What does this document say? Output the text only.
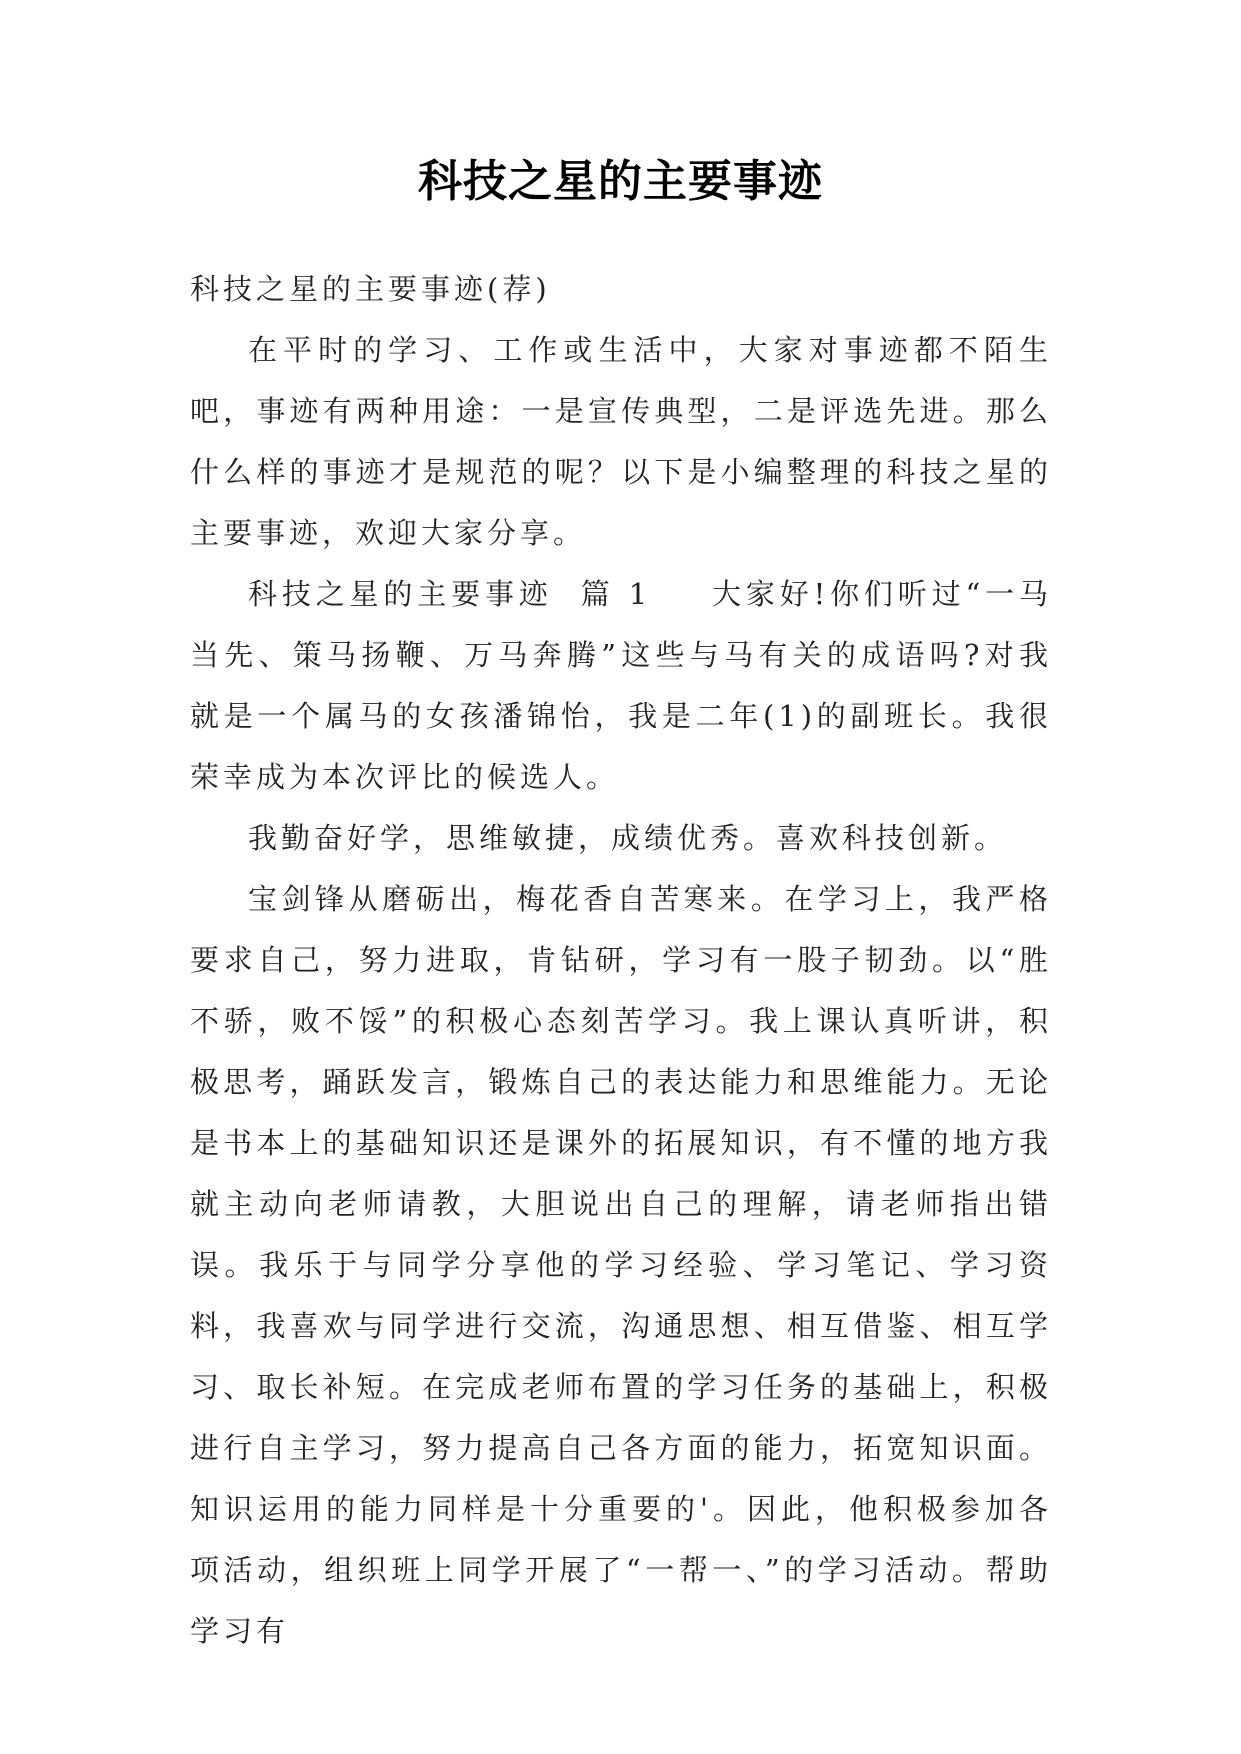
科技之星的主要事迹

科技之星的主要事迹(荐)

在平时的学习、工作或生活中，大家对事迹都不陌生吧，事迹有两种用途：一是宣传典型，二是评选先进。那么什么样的事迹才是规范的呢？以下是小编整理的科技之星的主要事迹，欢迎大家分享。

科技之星的主要事迹  篇 1 大家好!你们听过“一马当先、策马扬鞭、万马奔腾”这些与马有关的成语吗?对我就是一个属马的女孩潘锦怡，我是二年(1)的副班长。我很荣幸成为本次评比的候选人。

我勤奋好学，思维敏捷，成绩优秀。喜欢科技创新。

宝剑锋从磨砺出，梅花香自苦寒来。在学习上，我严格要求自己，努力进取，肯钻研，学习有一股子韧劲。以“胜不骄，败不馁”的积极心态刻苦学习。我上课认真听讲，积极思考，踊跃发言，锻炼自己的表达能力和思维能力。无论是书本上的基础知识还是课外的拓展知识，有不懂的地方我就主动向老师请教，大胆说出自己的理解，请老师指出错误。我乐于与同学分享他的学习经验、学习笔记、学习资料，我喜欢与同学进行交流，沟通思想、相互借鉴、相互学习、取长补短。在完成老师布置的学习任务的基础上，积极进行自主学习，努力提高自己各方面的能力，拓宽知识面。知识运用的能力同样是十分重要的'。因此，他积极参加各项活动，组织班上同学开展了“一帮一、”的学习活动。帮助学习有
